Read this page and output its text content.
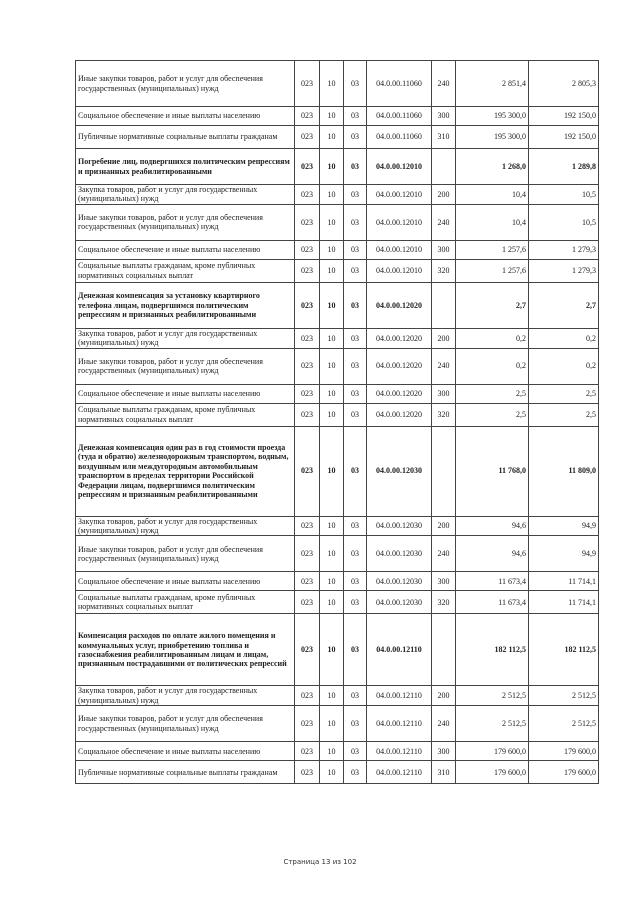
Иные закупки товаров, работ и услуг для обеспечения государственных (муниципальных) нужд	023	10	03	04.0.00.11060	240	2 851,4	2 805,3
Социальное обеспечение и иные выплаты населению	023	10	03	04.0.00.11060	300	195 300,0	192 150,0
Публичные нормативные социальные выплаты гражданам	023	10	03	04.0.00.11060	310	195 300,0	192 150,0
Погребение лиц, подвергшихся политическим репрессиям и признанных реабилитированными	023	10	03	04.0.00.12010		1 268,0	1 289,8
Закупка товаров, работ и услуг для государственных (муниципальных) нужд	023	10	03	04.0.00.12010	200	10,4	10,5
Иные закупки товаров, работ и услуг для обеспечения государственных (муниципальных) нужд	023	10	03	04.0.00.12010	240	10,4	10,5
Социальное обеспечение и иные выплаты населению	023	10	03	04.0.00.12010	300	1 257,6	1 279,3
Социальные выплаты гражданам, кроме публичных нормативных социальных выплат	023	10	03	04.0.00.12010	320	1 257,6	1 279,3
Денежная компенсация за установку квартирного телефона лицам, подвергшимся политическим репрессиям и признанных реабилитированными	023	10	03	04.0.00.12020		2,7	2,7
Закупка товаров, работ и услуг для государственных (муниципальных) нужд	023	10	03	04.0.00.12020	200	0,2	0,2
Иные закупки товаров, работ и услуг для обеспечения государственных (муниципальных) нужд	023	10	03	04.0.00.12020	240	0,2	0,2
Социальное обеспечение и иные выплаты населению	023	10	03	04.0.00.12020	300	2,5	2,5
Социальные выплаты гражданам, кроме публичных нормативных социальных выплат	023	10	03	04.0.00.12020	320	2,5	2,5
Денежная компенсация один раз в год стоимости проезда (туда и обратно) железнодорожным транспортом, водным, воздушным или междугородным автомобильным транспортом в пределах территории Российской Федерации лицам, подвергшимся политическим репрессиям и признанным реабилитированными	023	10	03	04.0.00.12030		11 768,0	11 809,0
Закупка товаров, работ и услуг для государственных (муниципальных) нужд	023	10	03	04.0.00.12030	200	94,6	94,9
Иные закупки товаров, работ и услуг для обеспечения государственных (муниципальных) нужд	023	10	03	04.0.00.12030	240	94,6	94,9
Социальное обеспечение и иные выплаты населению	023	10	03	04.0.00.12030	300	11 673,4	11 714,1
Социальные выплаты гражданам, кроме публичных нормативных социальных выплат	023	10	03	04.0.00.12030	320	11 673,4	11 714,1
Компенсация расходов по оплате жилого помещения и коммунальных услуг, приобретению топлива и газоснабжения реабилитированным лицам и лицам, признанным пострадавшими от политических репрессий	023	10	03	04.0.00.12110		182 112,5	182 112,5
Закупка товаров, работ и услуг для государственных (муниципальных) нужд	023	10	03	04.0.00.12110	200	2 512,5	2 512,5
Иные закупки товаров, работ и услуг для обеспечения государственных (муниципальных) нужд	023	10	03	04.0.00.12110	240	2 512,5	2 512,5
Социальное обеспечение и иные выплаты населению	023	10	03	04.0.00.12110	300	179 600,0	179 600,0
Публичные нормативные социальные выплаты гражданам	023	10	03	04.0.00.12110	310	179 600,0	179 600,0
Страница 13 из 102
